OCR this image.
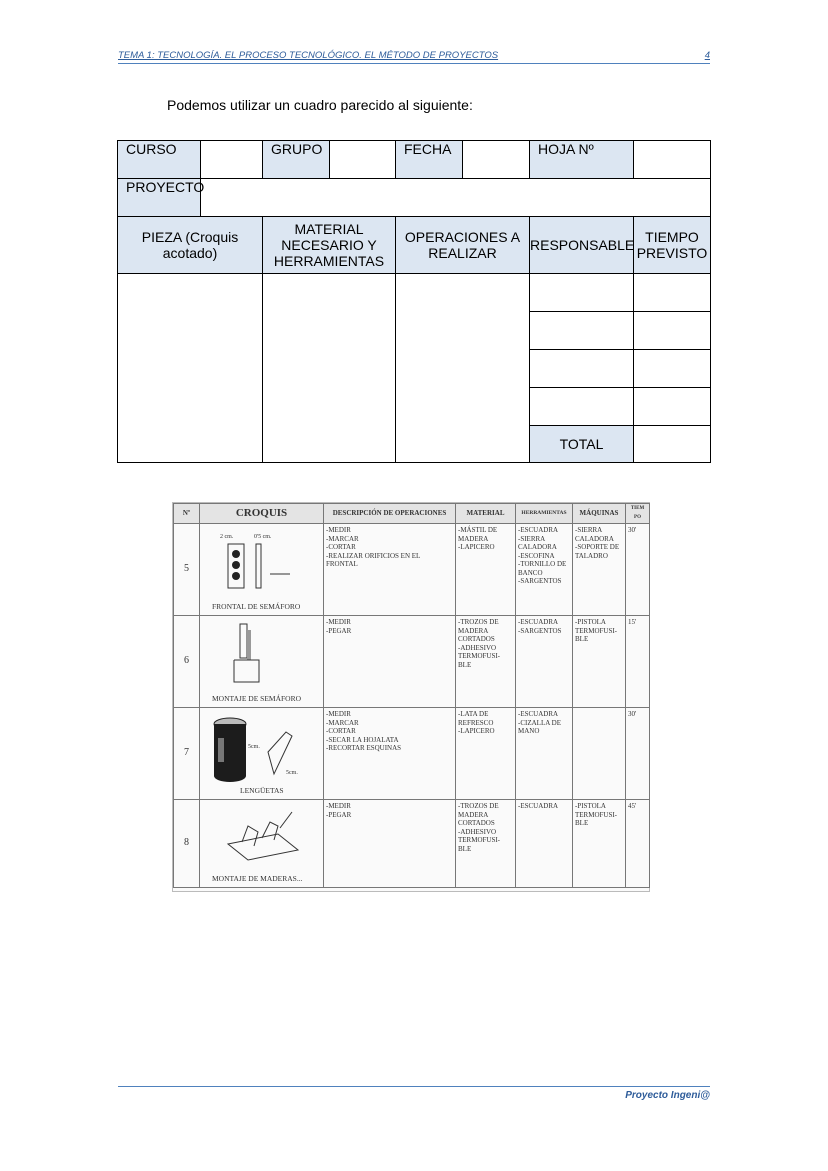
TEMA 1: TECNOLOGÍA. EL PROCESO TECNOLÓGICO. EL MÉTODO DE PROYECTOS	4
Podemos utilizar un cuadro parecido al siguiente:
CURSO		GRUPO		FECHA		HOJA Nº	
PROYECTO							
PIEZA (Croquis acotado)		MATERIAL NECESARIO Y HERRAMIENTAS		OPERACIONES A REALIZAR		RESPONSABLE	TIEMPO PREVISTO

						TOTAL	
Nº	CROQUIS	DESCRIPCIÓN DE OPERACIONES	MATERIAL	HERRAMIENTAS	MÁQUINAS	TIEM PO
5	2 cm. 0'5 cm.
FRONTAL DE SEMÁFORO	-MEDIR
-MARCAR
-CORTAR
-REALIZAR ORIFICIOS EN EL FRONTAL	-MÁSTIL DE MADERA
-LAPICERO	-ESCUADRA
-SIERRA CALADORA
-ESCOFINA
-TORNILLO DE BANCO
-SARGENTOS	-SIERRA CALADORA
-SOPORTE DE TALADRO	30'
6	MONTAJE DE SEMÁFORO	-MEDIR
-PEGAR	-TROZOS DE MADERA CORTADOS
-ADHESIVO TERMOFUSI-BLE	-ESCUADRA
-SARGENTOS	-PISTOLA TERMOFUSI-BLE	15'
7	5cm.
5cm.
LENGÜETAS	-MEDIR
-MARCAR
-CORTAR
-SECAR LA HOJALATA
-RECORTAR ESQUINAS	-LATA DE REFRESCO
-LAPICERO	-ESCUADRA
-CIZALLA DE MANO		30'
8	MONTAJE DE MADERAS...	-MEDIR
-PEGAR	-TROZOS DE MADERA CORTADOS
-ADHESIVO TERMOFUSI-BLE	-ESCUADRA	-PISTOLA TERMOFUSI-BLE	45'
Proyecto Ingeni@
